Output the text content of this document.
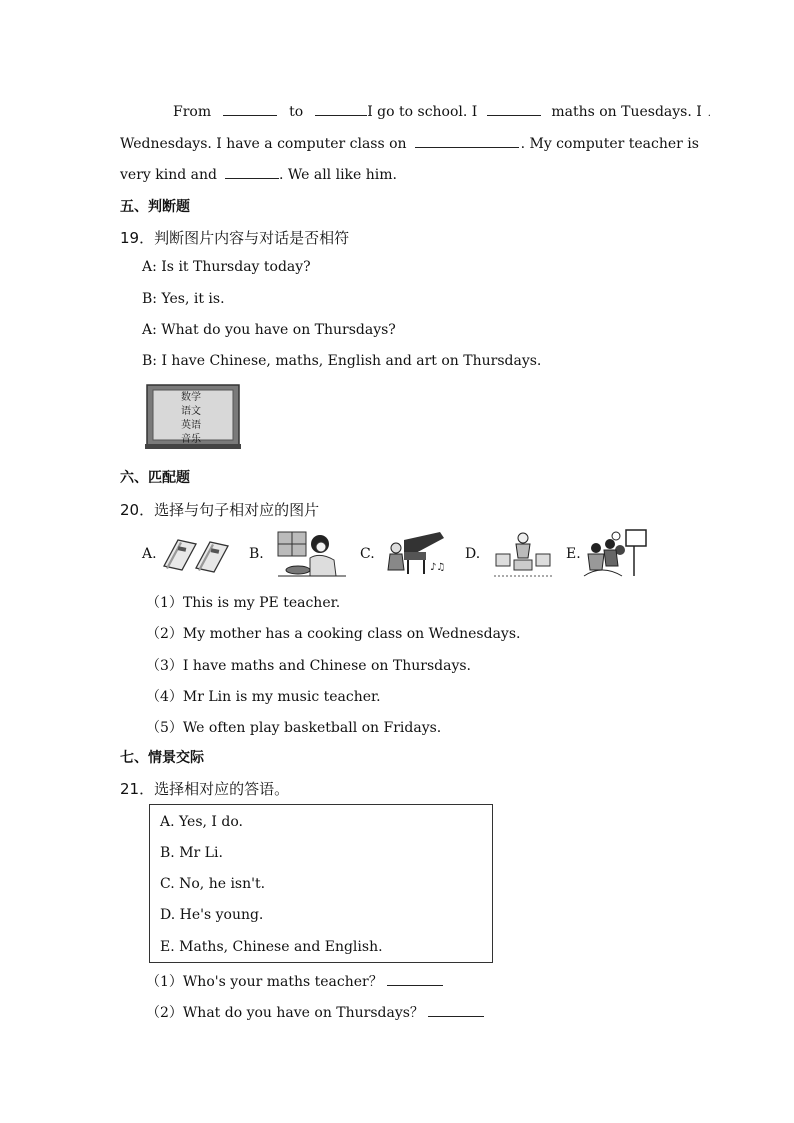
From	to	I go to school. I	maths on Tuesdays. I .
Wednesdays. I have a computer class on	. My computer teacher is
very kind and	. We all like him.
五、判断题
19．判断图片内容与对话是否相符
A: Is it Thursday today?
B: Yes, it is.
A: What do you have on Thursdays?
B: I have Chinese, maths, English and art on Thursdays.
数学
语文
英语
音乐
六、匹配题
20．选择与句子相对应的图片
A.	B.	C.
♪♫
D.	E.
（1）This is my PE teacher.
（2）My mother has a cooking class on Wednesdays.
（3）I have maths and Chinese on Thursdays.
（4）Mr Lin is my music teacher.
（5）We often play basketball on Fridays.
七、情景交际
21．选择相对应的答语。
A. Yes, I do.
B. Mr Li.
C. No, he isn't.
D. He's young.
E. Maths, Chinese and English.
（1）Who's your maths teacher？
（2）What do you have on Thursdays？
